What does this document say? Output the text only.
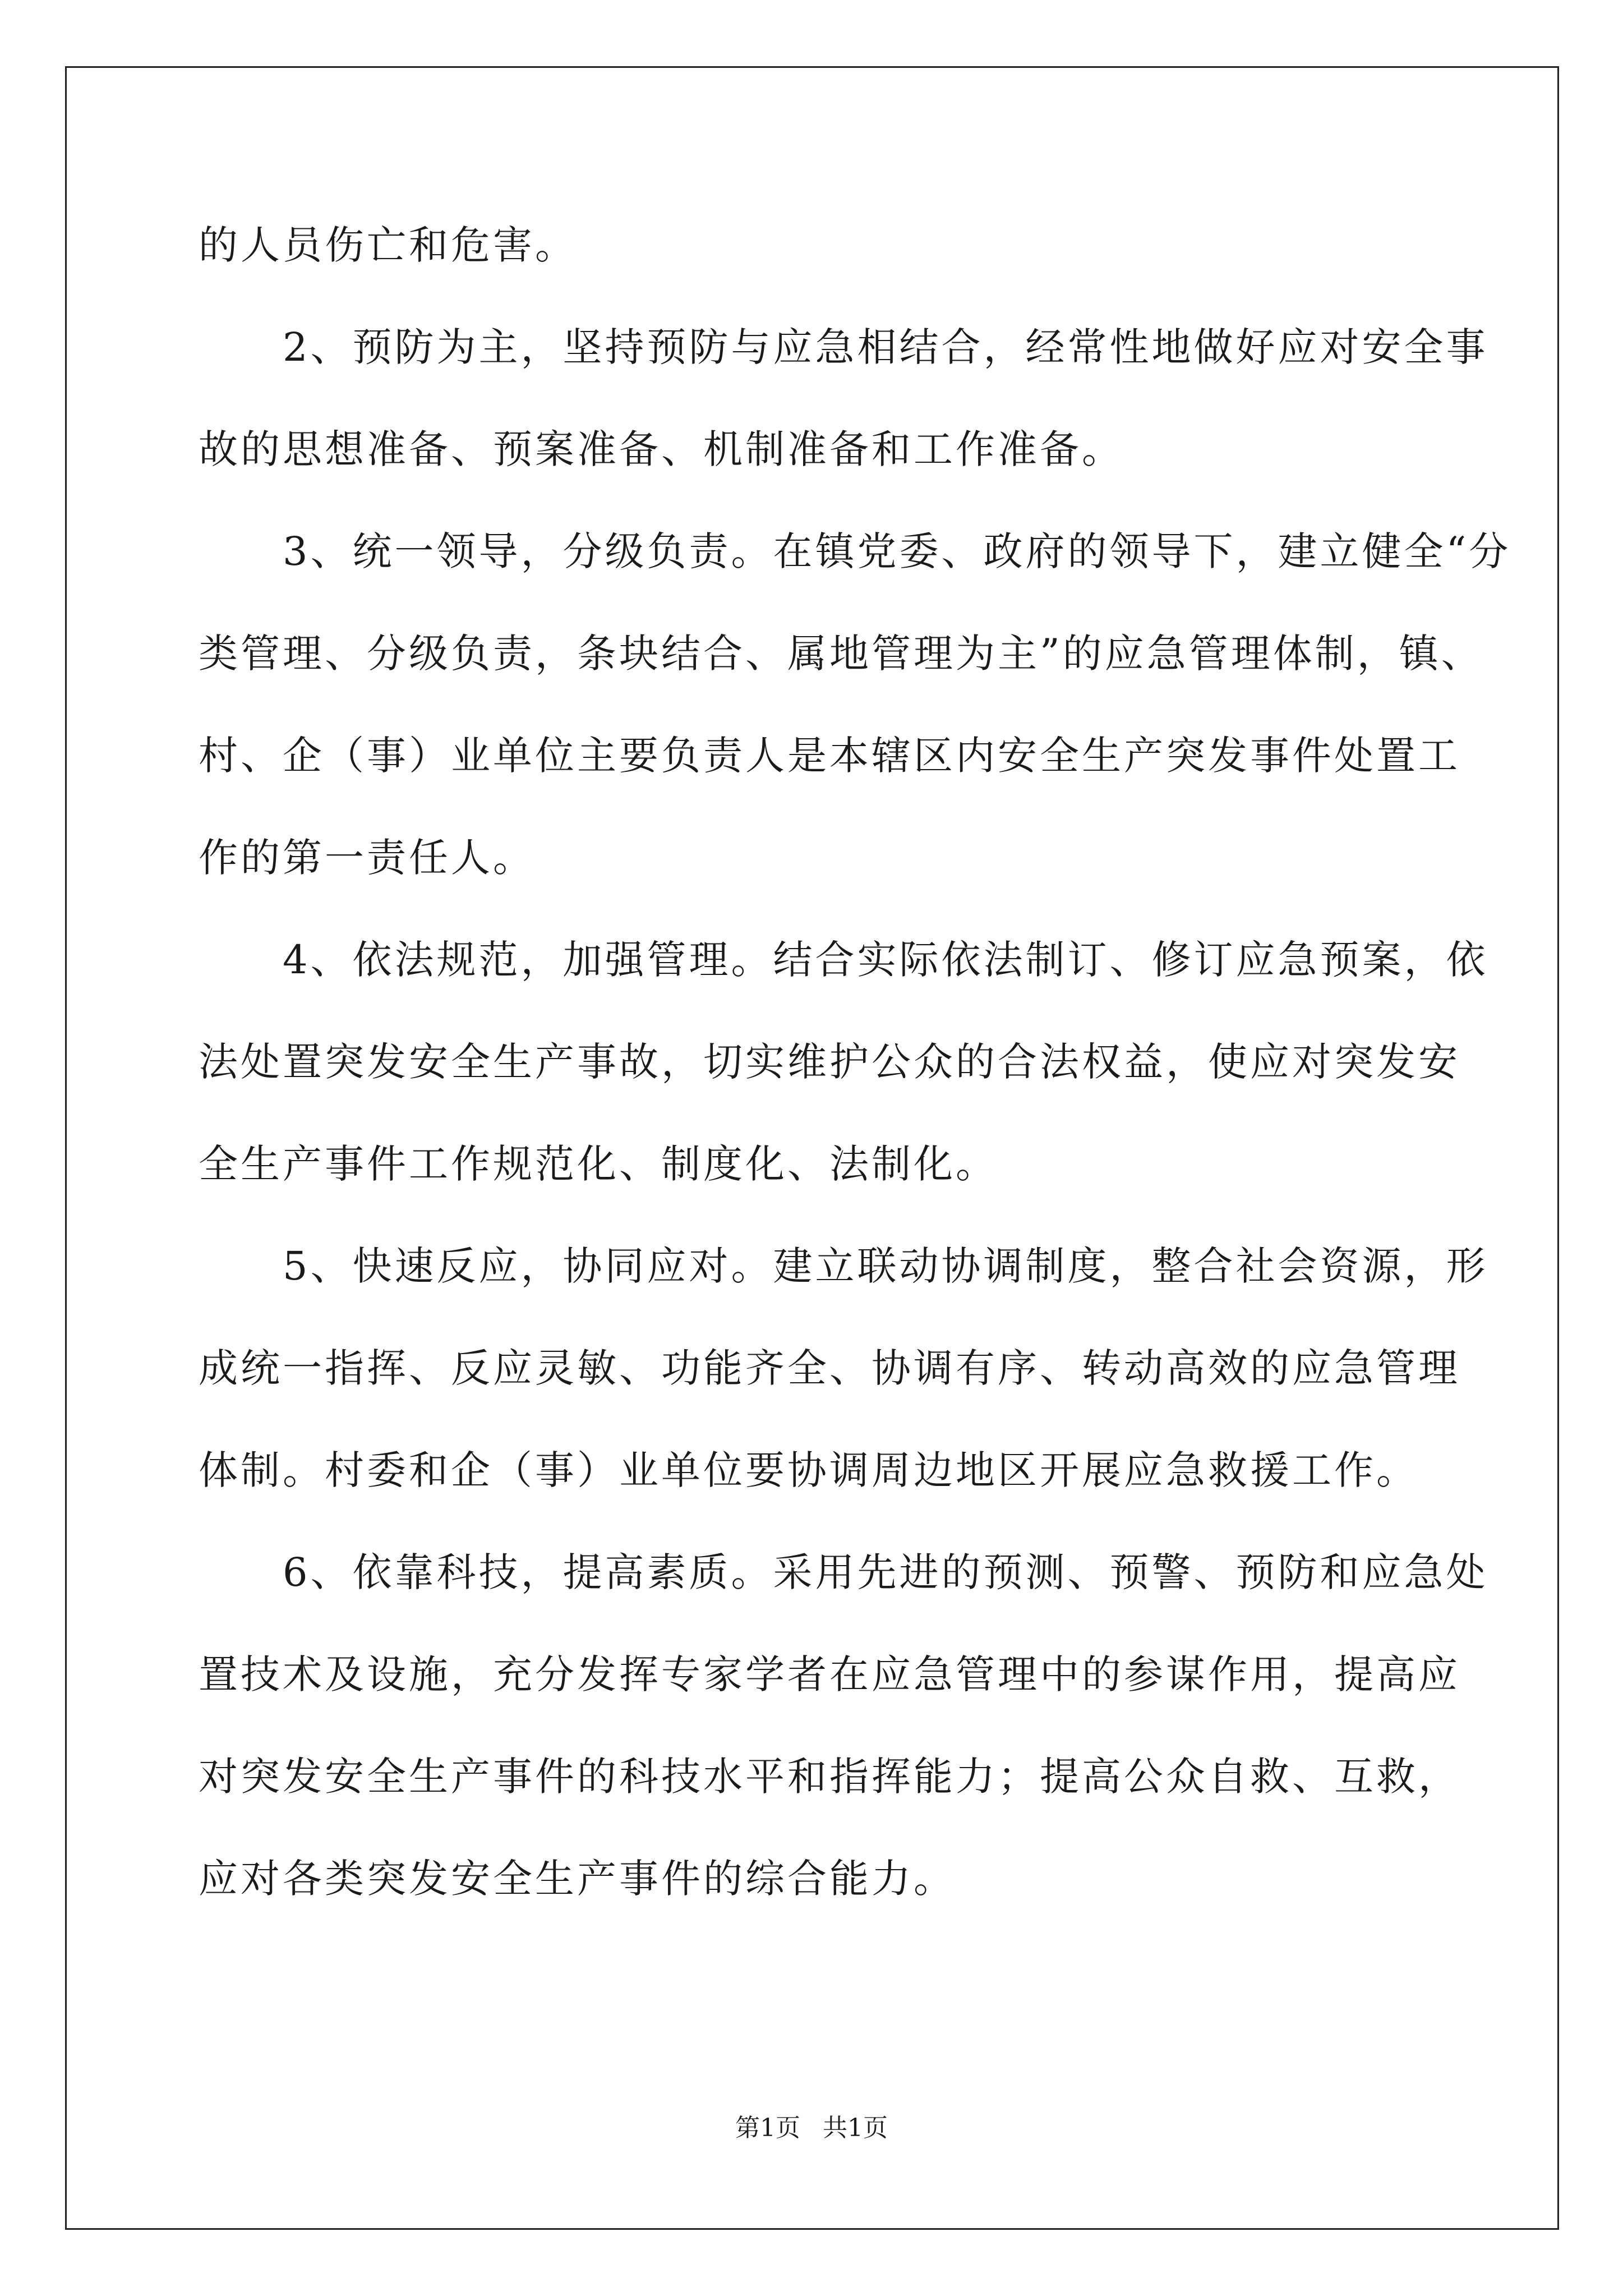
的人员伤亡和危害。
　　2、预防为主，坚持预防与应急相结合，经常性地做好应对安全事
故的思想准备、预案准备、机制准备和工作准备。
　　3、统一领导，分级负责。在镇党委、政府的领导下，建立健全“分
类管理、分级负责，条块结合、属地管理为主”的应急管理体制，镇、
村、企（事）业单位主要负责人是本辖区内安全生产突发事件处置工
作的第一责任人。
　　4、依法规范，加强管理。结合实际依法制订、修订应急预案，依
法处置突发安全生产事故，切实维护公众的合法权益，使应对突发安
全生产事件工作规范化、制度化、法制化。
　　5、快速反应，协同应对。建立联动协调制度，整合社会资源，形
成统一指挥、反应灵敏、功能齐全、协调有序、转动高效的应急管理
体制。村委和企（事）业单位要协调周边地区开展应急救援工作。
　　6、依靠科技，提高素质。采用先进的预测、预警、预防和应急处
置技术及设施，充分发挥专家学者在应急管理中的参谋作用，提高应
对突发安全生产事件的科技水平和指挥能力；提高公众自救、互救，
应对各类突发安全生产事件的综合能力。
第1页 共1页
